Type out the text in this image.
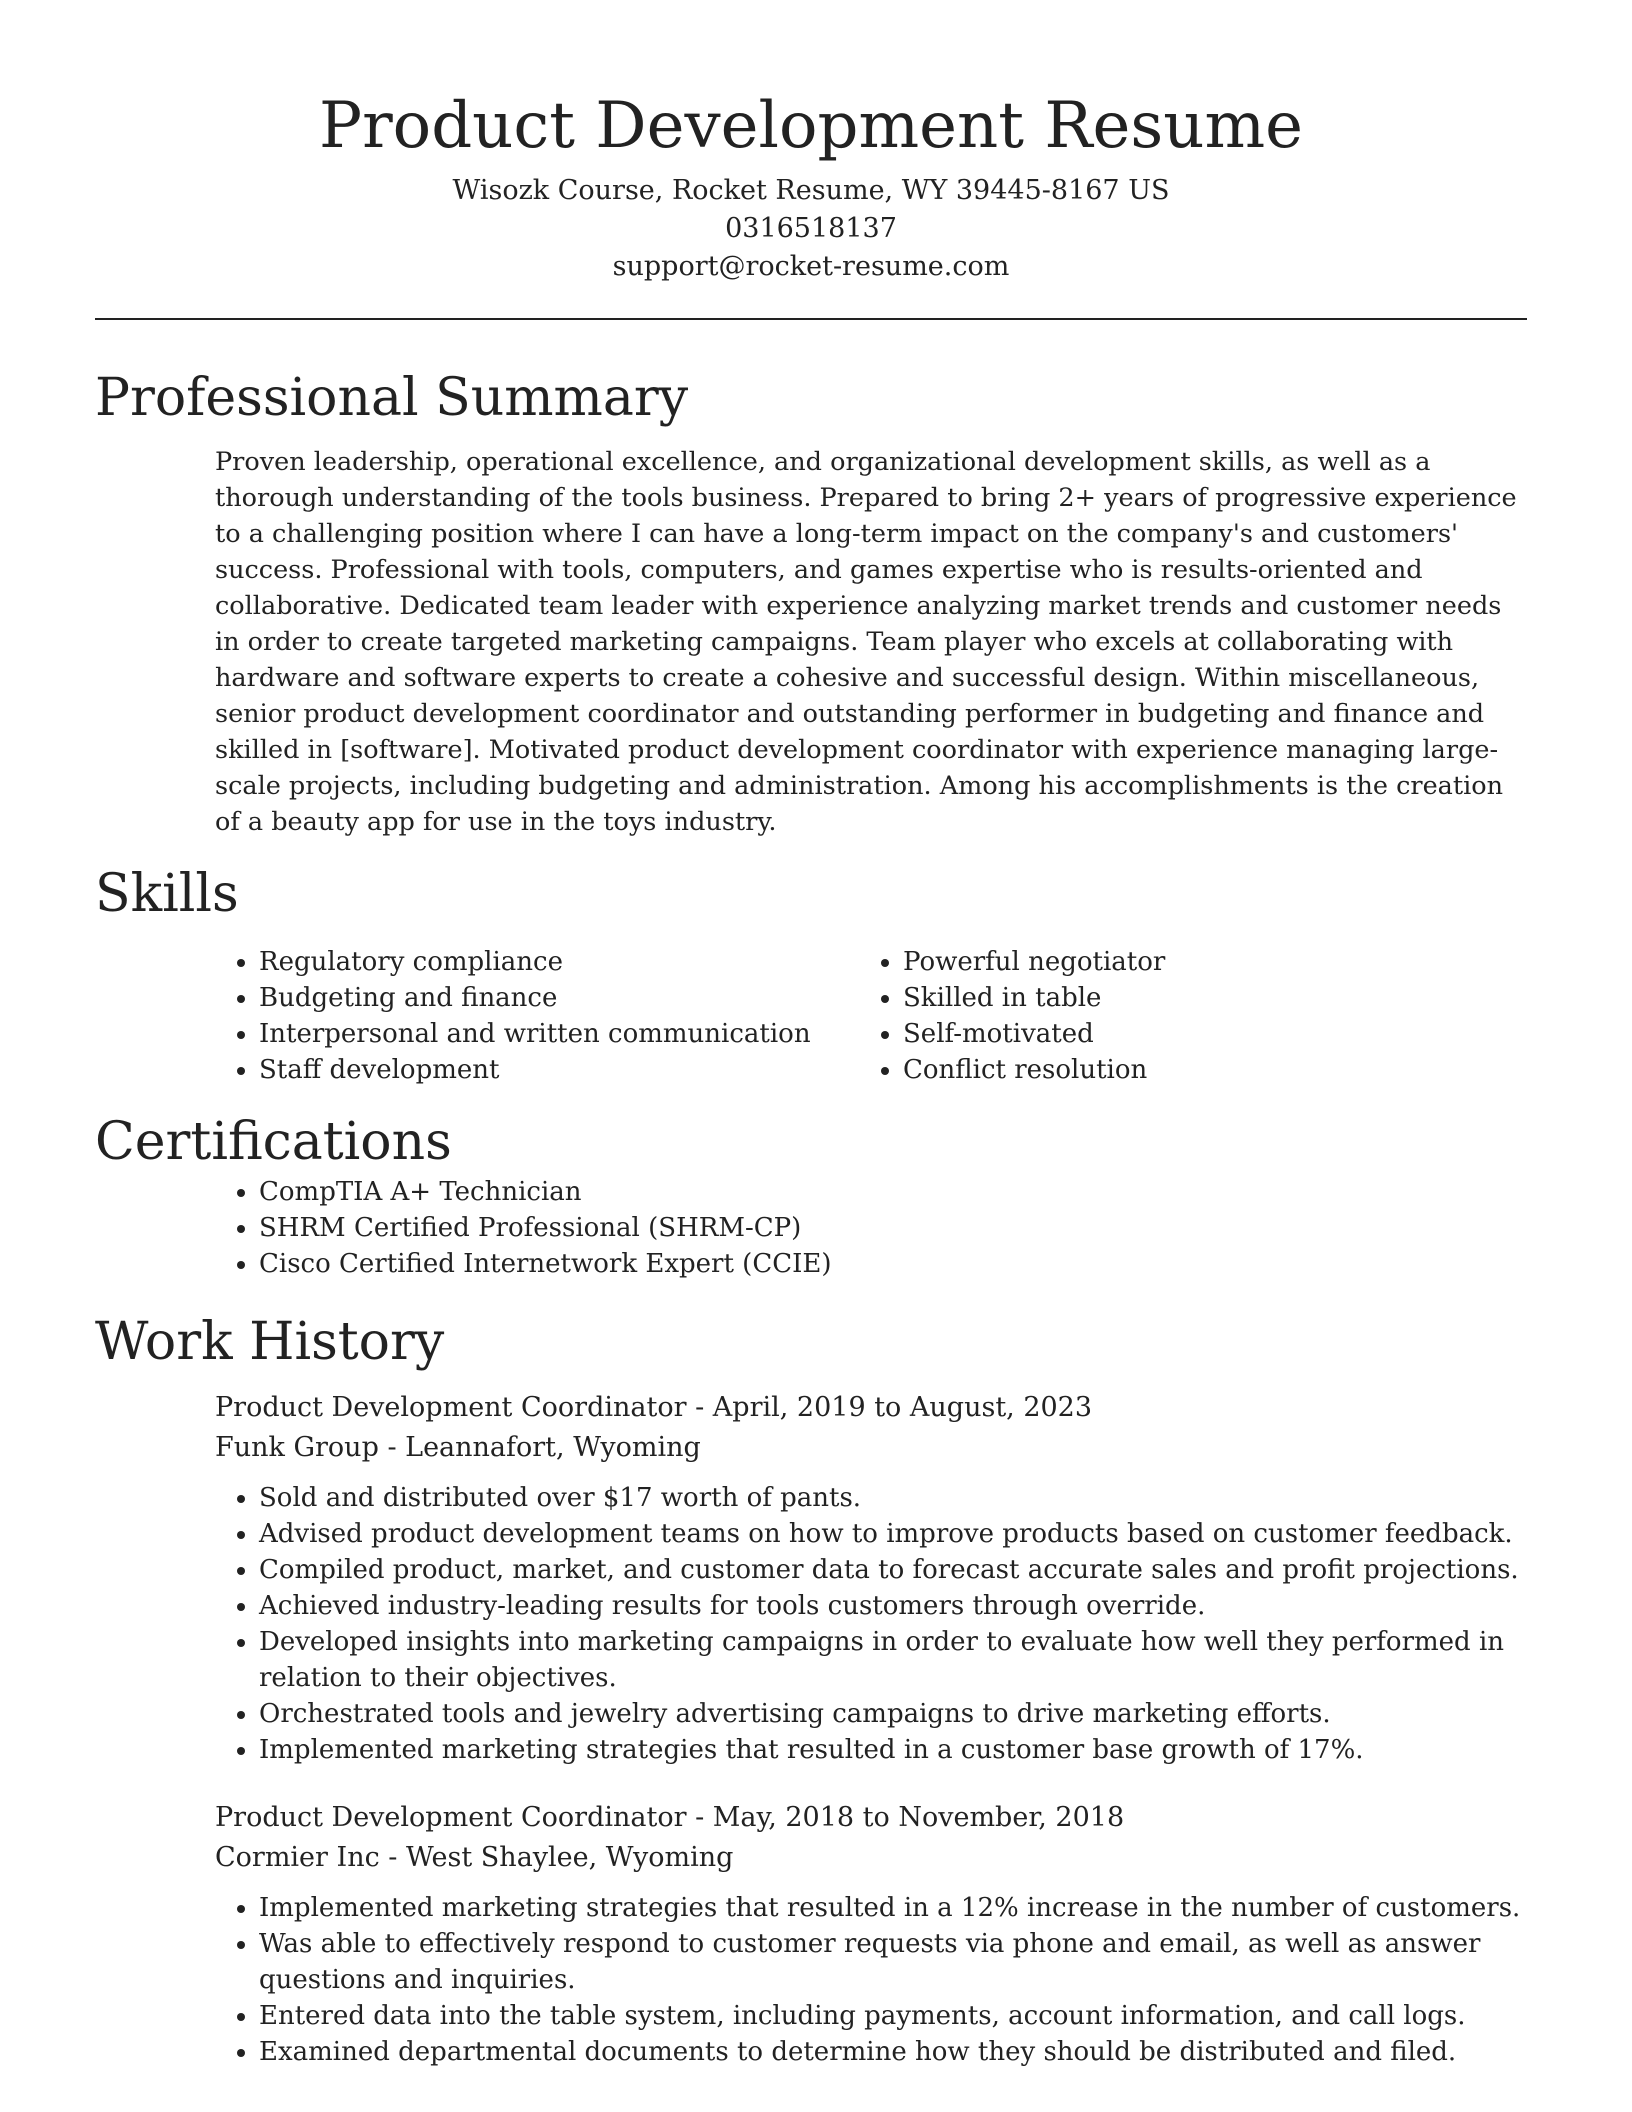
Product Development Resume
Wisozk Course, Rocket Resume, WY 39445-8167 US
0316518137
support@rocket-resume.com
Professional Summary

Proven leadership, operational excellence, and organizational development skills, as well as a thorough understanding of the tools business. Prepared to bring 2+ years of progressive experience to a challenging position where I can have a long-term impact on the company's and customers' success. Professional with tools, computers, and games expertise who is results-oriented and collaborative. Dedicated team leader with experience analyzing market trends and customer needs in order to create targeted marketing campaigns. Team player who excels at collaborating with hardware and software experts to create a cohesive and successful design. Within miscellaneous, senior product development coordinator and outstanding performer in budgeting and finance and skilled in [software]. Motivated product development coordinator with experience managing large-scale projects, including budgeting and administration. Among his accomplishments is the creation of a beauty app for use in the toys industry.

Skills
• Regulatory compliance
• Budgeting and finance
• Interpersonal and written communication
• Staff development
• Powerful negotiator
• Skilled in table
• Self-motivated
• Conflict resolution
Certifications
• CompTIA A+ Technician
• SHRM Certified Professional (SHRM-CP)
• Cisco Certified Internetwork Expert (CCIE)
Work History
Product Development Coordinator - April, 2019 to August, 2023
Funk Group - Leannafort, Wyoming
• Sold and distributed over $17 worth of pants.
• Advised product development teams on how to improve products based on customer feedback.
• Compiled product, market, and customer data to forecast accurate sales and profit projections.
• Achieved industry-leading results for tools customers through override.
• Developed insights into marketing campaigns in order to evaluate how well they performed in relation to their objectives.
• Orchestrated tools and jewelry advertising campaigns to drive marketing efforts.
• Implemented marketing strategies that resulted in a customer base growth of 17%.
Product Development Coordinator - May, 2018 to November, 2018
Cormier Inc - West Shaylee, Wyoming
• Implemented marketing strategies that resulted in a 12% increase in the number of customers.
• Was able to effectively respond to customer requests via phone and email, as well as answer questions and inquiries.
• Entered data into the table system, including payments, account information, and call logs.
• Examined departmental documents to determine how they should be distributed and filed.
